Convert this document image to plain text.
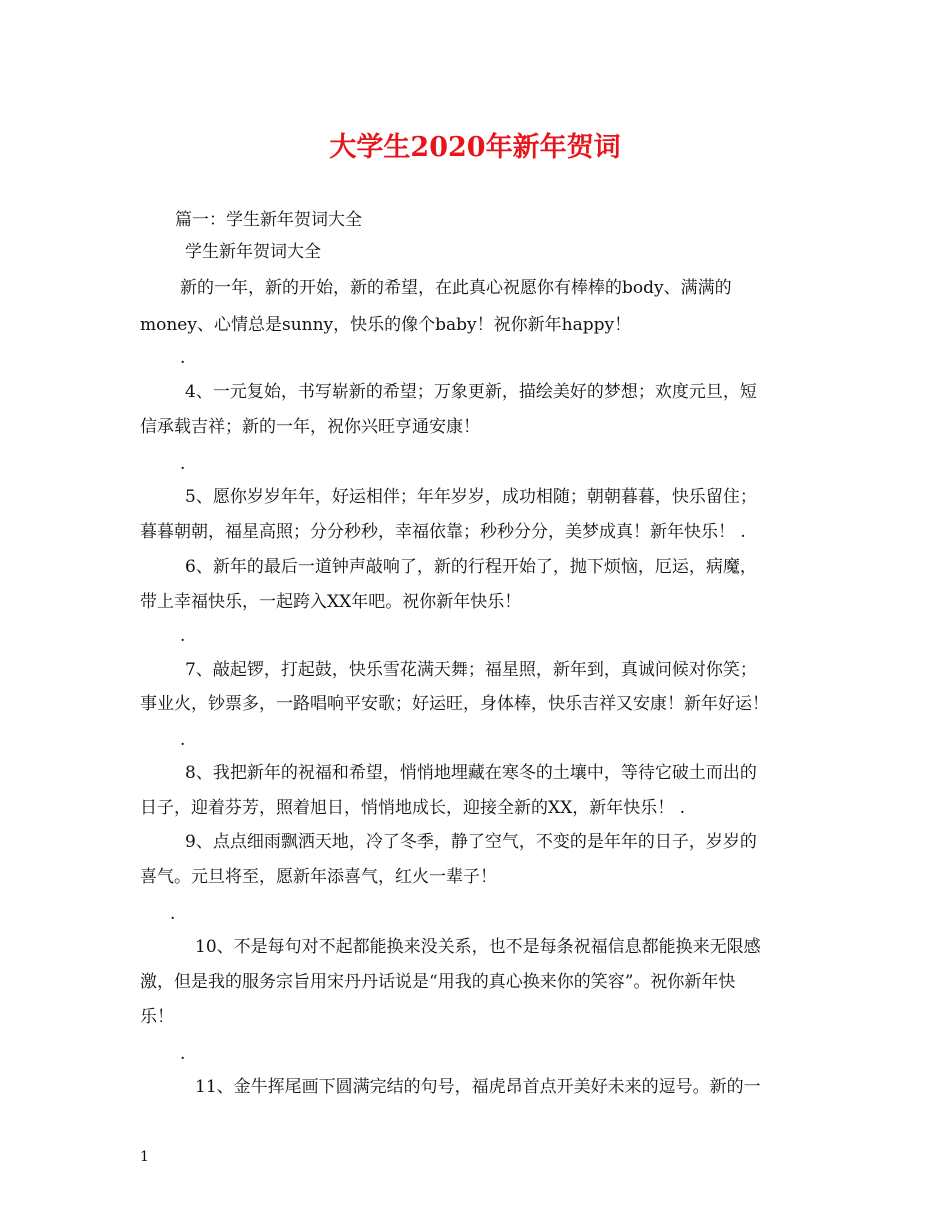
大学生2020年新年贺词

篇一：学生新年贺词大全

学生新年贺词大全

新的一年，新的开始，新的希望，在此真心祝愿你有棒棒的body、满满的

money、心情总是sunny，快乐的像个baby！祝你新年happy！

.

4、一元复始，书写崭新的希望；万象更新，描绘美好的梦想；欢度元旦，短

信承载吉祥；新的一年，祝你兴旺亨通安康！

.

5、愿你岁岁年年，好运相伴；年年岁岁，成功相随；朝朝暮暮，快乐留住；

暮暮朝朝，福星高照；分分秒秒，幸福依靠；秒秒分分，美梦成真！新年快乐！ .

6、新年的最后一道钟声敲响了，新的行程开始了，抛下烦恼，厄运，病魔，

带上幸福快乐，一起跨入XX年吧。祝你新年快乐！

.

7、敲起锣，打起鼓，快乐雪花满天舞；福星照，新年到，真诚问候对你笑；

事业火，钞票多，一路唱响平安歌；好运旺，身体棒，快乐吉祥又安康！新年好运！

.

8、我把新年的祝福和希望，悄悄地埋藏在寒冬的土壤中，等待它破土而出的

日子，迎着芬芳，照着旭日，悄悄地成长，迎接全新的XX，新年快乐！ .

9、点点细雨飘洒天地，冷了冬季，静了空气，不变的是年年的日子，岁岁的

喜气。元旦将至，愿新年添喜气，红火一辈子！

.

10、不是每句对不起都能换来没关系，也不是每条祝福信息都能换来无限感

激，但是我的服务宗旨用宋丹丹话说是“用我的真心换来你的笑容”。祝你新年快

乐！

.

11、金牛挥尾画下圆满完结的句号，福虎昂首点开美好未来的逗号。新的一

1
